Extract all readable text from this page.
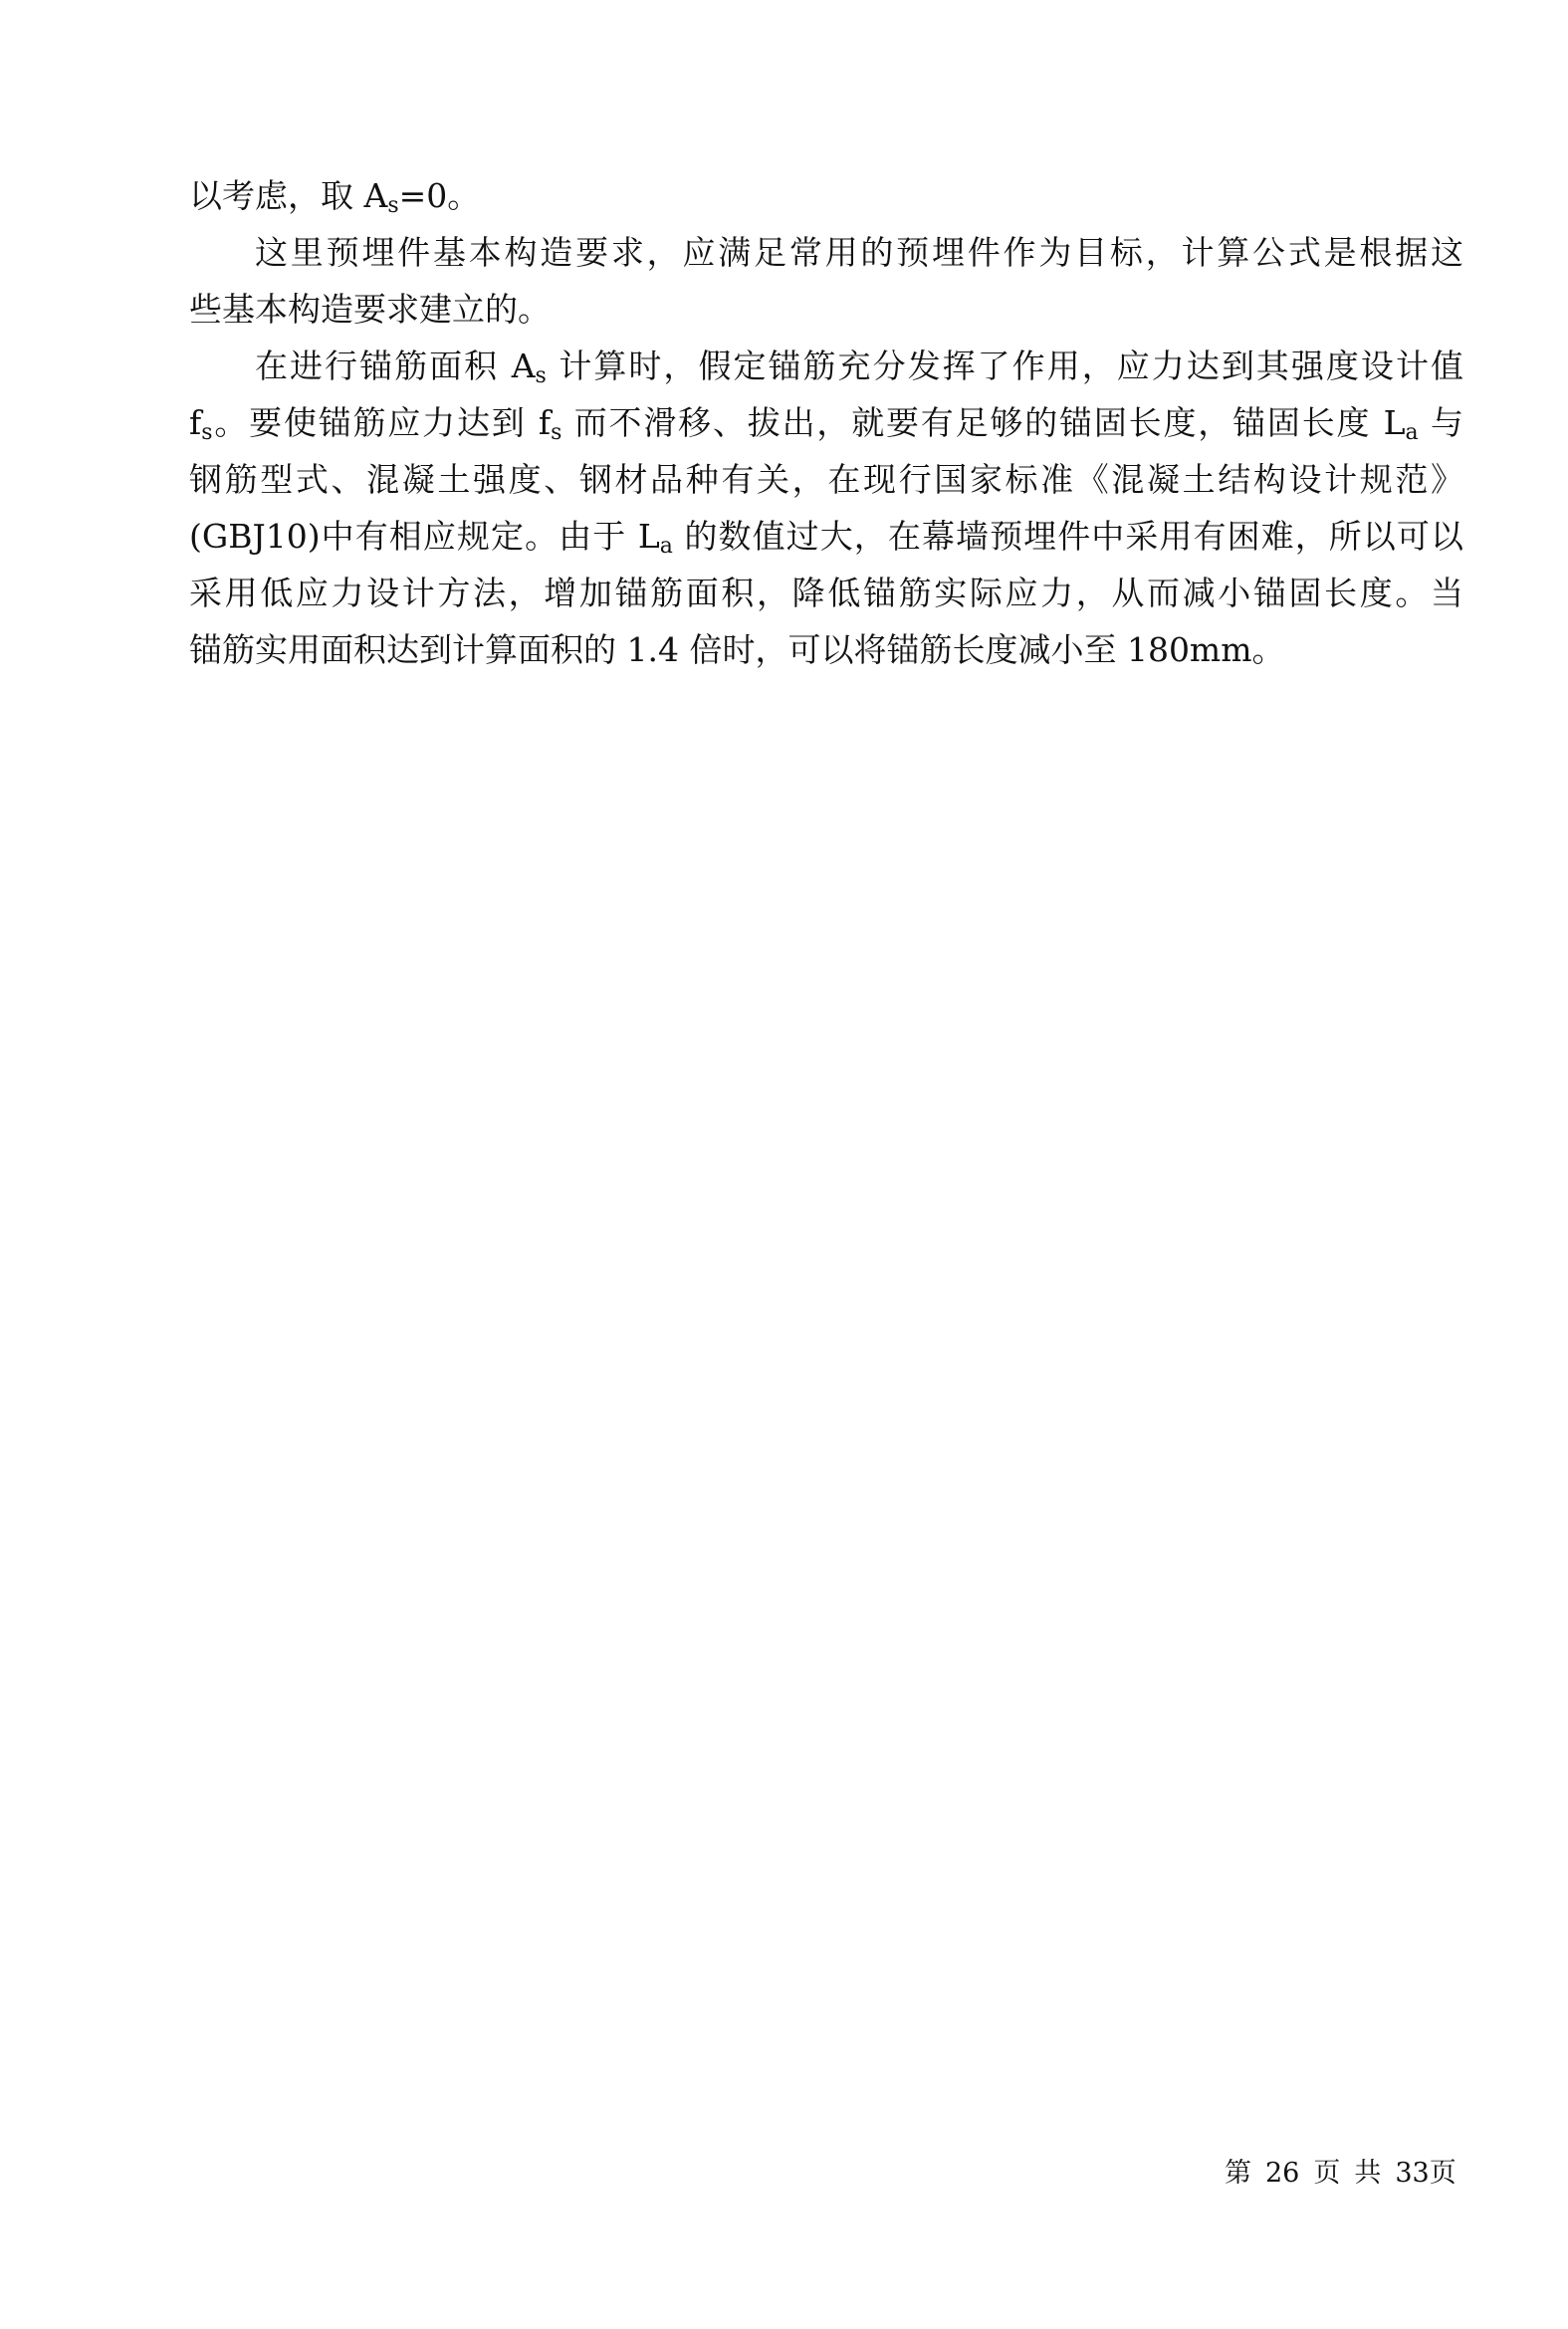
以考虑，取 $A_s=0$。
这里预埋件基本构造要求，应满足常用的预埋件作为目标，计算公式是根据这
些基本构造要求建立的。
在进行锚筋面积 $A_s$ 计算时，假定锚筋充分发挥了作用，应力达到其强度设计值
$f_s$。要使锚筋应力达到 $f_s$ 而不滑移、拔出，就要有足够的锚固长度，锚固长度 $L_a$ 与
钢筋型式、混凝土强度、钢材品种有关，在现行国家标准《混凝土结构设计规范》
(GBJ10)中有相应规定。由于 $L_a$ 的数值过大，在幕墙预埋件中采用有困难，所以可以
采用低应力设计方法，增加锚筋面积，降低锚筋实际应力，从而减小锚固长度。当
锚筋实用面积达到计算面积的 1.4 倍时，可以将锚筋长度减小至 180mm。
第 26 页 共 33页
